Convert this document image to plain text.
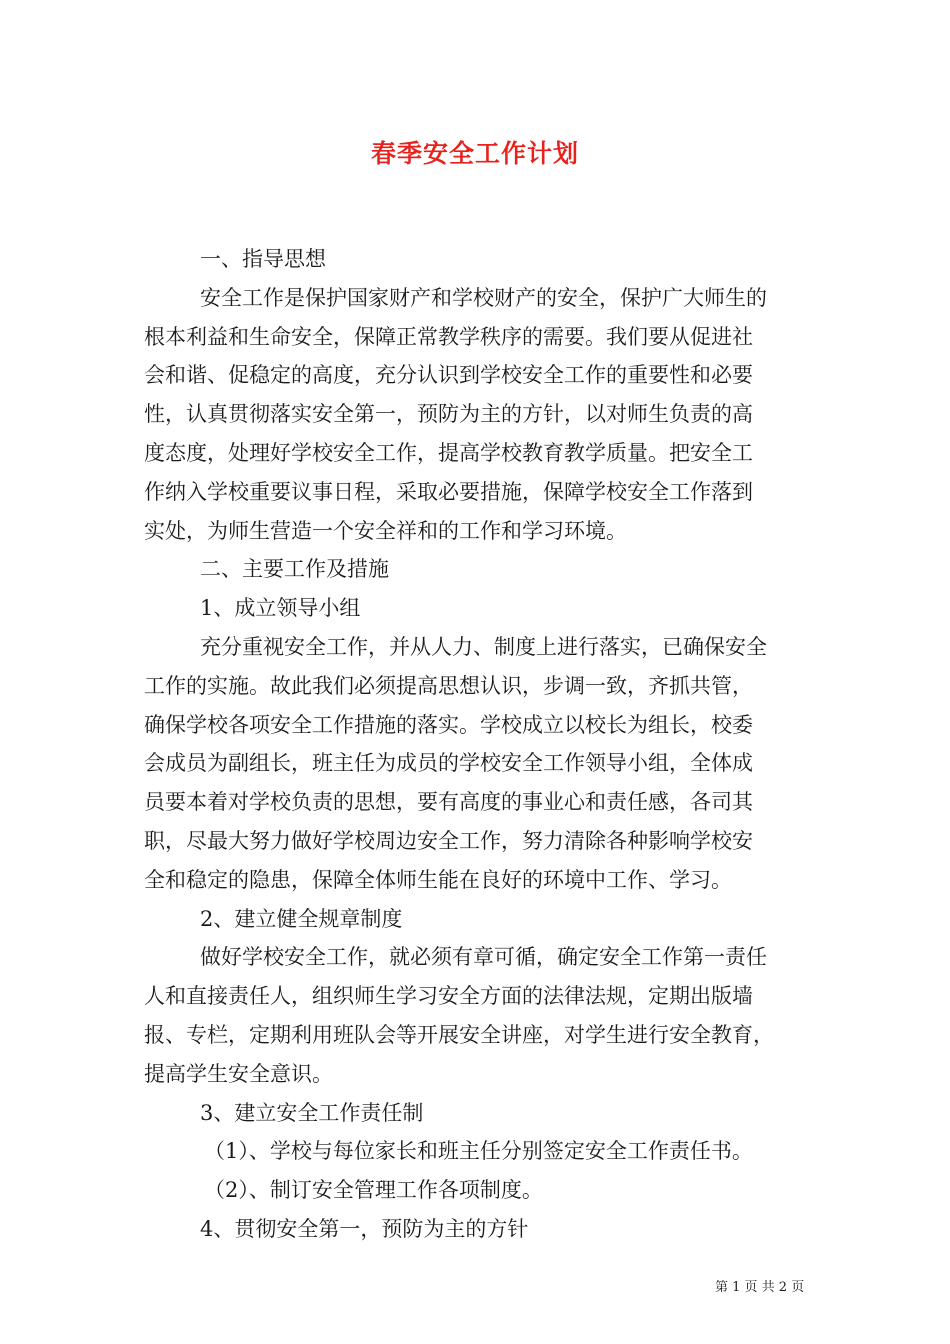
春季安全工作计划
一、指导思想
安全工作是保护国家财产和学校财产的安全，保护广大师生的
根本利益和生命安全，保障正常教学秩序的需要。我们要从促进社
会和谐、促稳定的高度，充分认识到学校安全工作的重要性和必要
性，认真贯彻落实安全第一，预防为主的方针，以对师生负责的高
度态度，处理好学校安全工作，提高学校教育教学质量。把安全工
作纳入学校重要议事日程，采取必要措施，保障学校安全工作落到
实处，为师生营造一个安全祥和的工作和学习环境。
二、主要工作及措施
1、成立领导小组
充分重视安全工作，并从人力、制度上进行落实，已确保安全
工作的实施。故此我们必须提高思想认识，步调一致，齐抓共管，
确保学校各项安全工作措施的落实。学校成立以校长为组长，校委
会成员为副组长，班主任为成员的学校安全工作领导小组，全体成
员要本着对学校负责的思想，要有高度的事业心和责任感，各司其
职，尽最大努力做好学校周边安全工作，努力清除各种影响学校安
全和稳定的隐患，保障全体师生能在良好的环境中工作、学习。
2、建立健全规章制度
做好学校安全工作，就必须有章可循，确定安全工作第一责任
人和直接责任人，组织师生学习安全方面的法律法规，定期出版墙
报、专栏，定期利用班队会等开展安全讲座，对学生进行安全教育，
提高学生安全意识。
3、建立安全工作责任制
（1）、学校与每位家长和班主任分别签定安全工作责任书。
（2）、制订安全管理工作各项制度。
4、贯彻安全第一，预防为主的方针
第 1 页 共 2 页
